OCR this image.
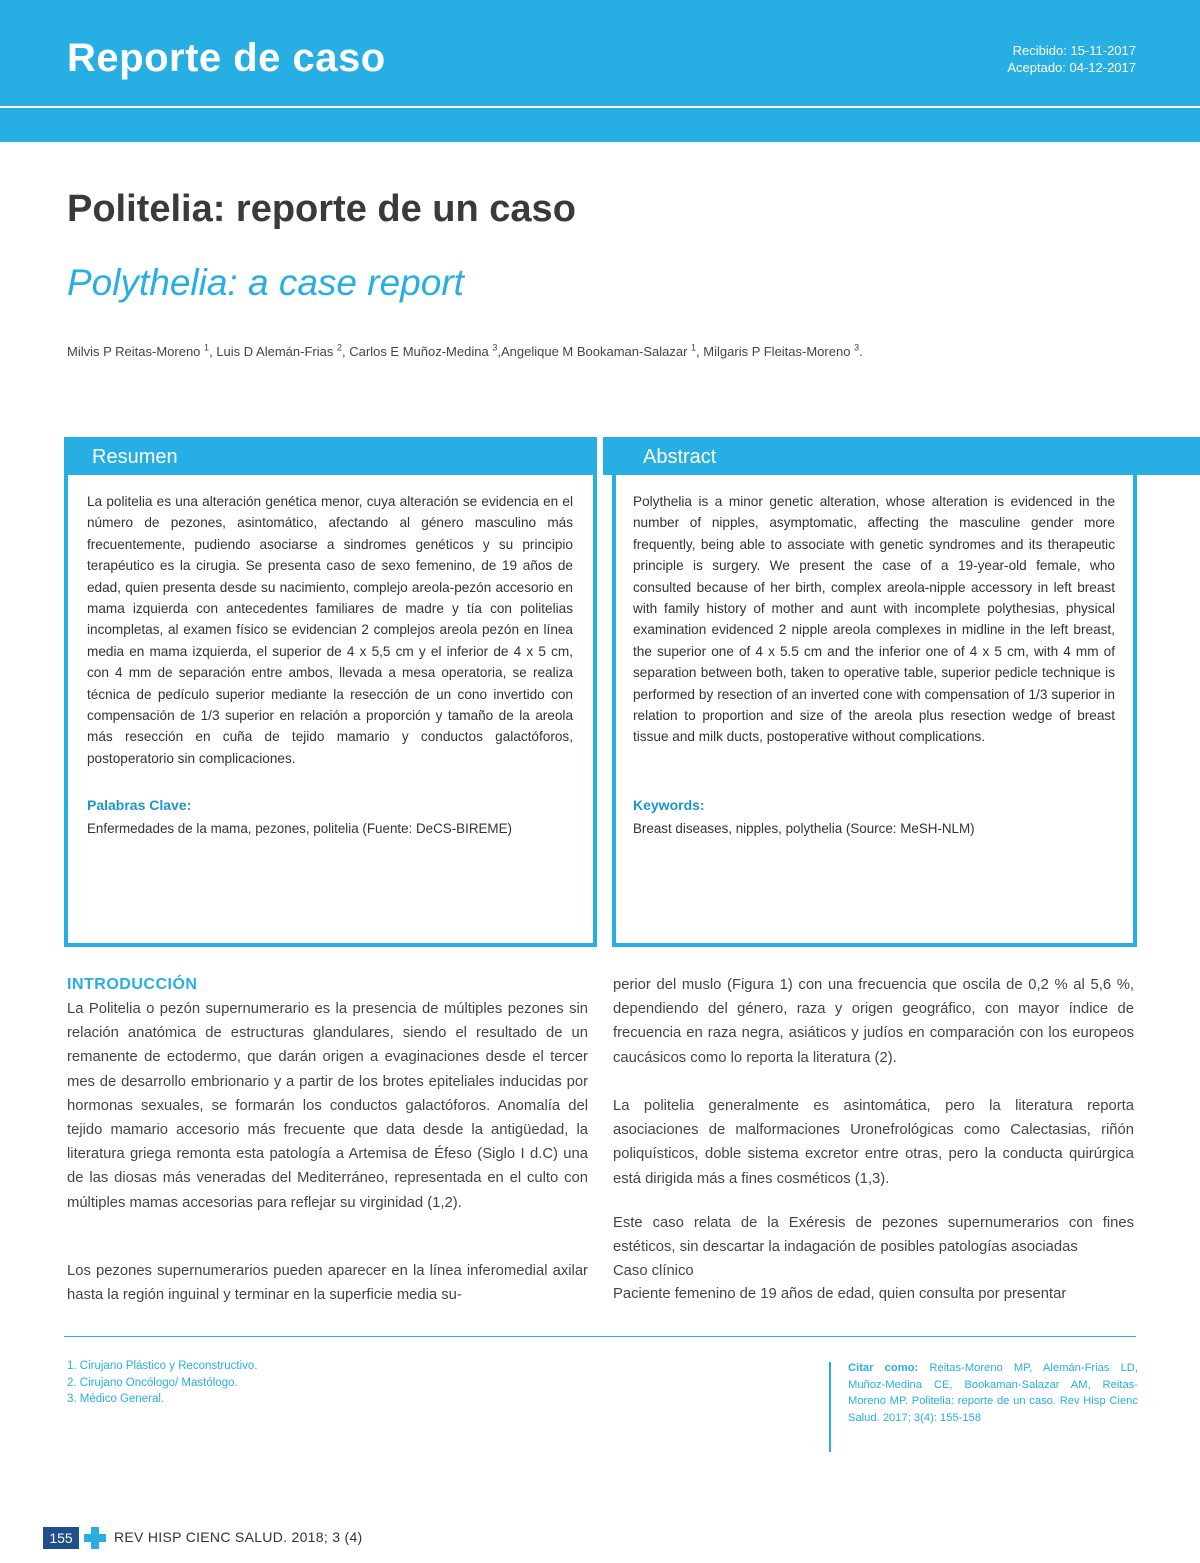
Reporte de caso	Recibido: 15-11-2017
Aceptado: 04-12-2017
Politelia: reporte de un caso
Polythelia: a case report
Milvis P Reitas-Moreno $^1$, Luis D Alemán-Frias $^2$, Carlos E Muñoz-Medina $^3$,Angelique M Bookaman-Salazar $^1$, Milgaris P Fleitas-Moreno $^3$.
Resumen

La politelia es una alteración genética menor, cuya alteración se evidencia en el número de pezones, asintomático, afectando al género masculino más frecuentemente, pudiendo asociarse a sindromes genéticos y su principio terapéutico es la cirugia. Se presenta caso de sexo femenino, de 19 años de edad, quien presenta desde su nacimiento, complejo areola-pezón accesorio en mama izquierda con antecedentes familiares de madre y tía con politelias incompletas, al examen físico se evidencian 2 complejos areola pezón en línea media en mama izquierda, el superior de 4 x 5,5 cm y el inferior de 4 x 5 cm, con 4 mm de separación entre ambos, llevada a mesa operatoria, se realiza técnica de pedículo superior mediante la resección de un cono invertido con compensación de 1/3 superior en relación a proporción y tamaño de la areola más resección en cuña de tejido mamario y conductos galactóforos, postoperatorio sin complicaciones.

Palabras Clave:

Enfermedades de la mama, pezones, politelia (Fuente: DeCS-BIREME)

Abstract

Polythelia is a minor genetic alteration, whose alteration is evidenced in the number of nipples, asymptomatic, affecting the masculine gender more frequently, being able to associate with genetic syndromes and its therapeutic principle is surgery. We present the case of a 19-year-old female, who consulted because of her birth, complex areola-nipple accessory in left breast with family history of mother and aunt with incomplete polythesias, physical examination evidenced 2 nipple areola complexes in midline in the left breast, the superior one of 4 x 5.5 cm and the inferior one of 4 x 5 cm, with 4 mm of separation between both, taken to operative table, superior pedicle technique is performed by resection of an inverted cone with compensation of 1/3 superior in relation to proportion and size of the areola plus resection wedge of breast tissue and milk ducts, postoperative without complications.

Keywords:

Breast diseases, nipples, polythelia (Source: MeSH-NLM)

INTRODUCCIÓN

La Politelia o pezón supernumerario es la presencia de múltiples pezones sin relación anatómica de estructuras glandulares, siendo el resultado de un remanente de ectodermo, que darán origen a evaginaciones desde el tercer mes de desarrollo embrionario y a partir de los brotes epiteliales inducidas por hormonas sexuales, se formarán los conductos galactóforos. Anomalía del tejido mamario accesorio más frecuente que data desde la antigüedad, la literatura griega remonta esta patología a Artemisa de Éfeso (Siglo I d.C) una de las diosas más veneradas del Mediterráneo, representada en el culto con múltiples mamas accesorias para reflejar su virginidad (1,2).

Los pezones supernumerarios pueden aparecer en la línea inferomedial axilar hasta la región inguinal y terminar en la superficie media su-

perior del muslo (Figura 1) con una frecuencia que oscila de 0,2 % al 5,6 %, dependiendo del género, raza y origen geográfico, con mayor índice de frecuencia en raza negra, asiáticos y judíos en comparación con los europeos caucásicos como lo reporta la literatura (2).

La politelia generalmente es asintomática, pero la literatura reporta asociaciones de malformaciones Uronefrológicas como Calectasias, riñón poliquísticos, doble sistema excretor entre otras, pero la conducta quirúrgica está dirigida más a fines cosméticos (1,3).

Este caso relata de la Exéresis de pezones supernumerarios con fines estéticos, sin descartar la indagación de posibles patologías asociadas

Caso clínico

Paciente femenino de 19 años de edad, quien consulta por presentar

1. Cirujano Plástico y Reconstructivo.
2. Cirujano Oncólogo/ Mastólogo.
3. Médico General.

Citar como: Reitas-Moreno MP, Alemán-Frias LD, Muñoz-Medina CE, Bookaman-Salazar AM, Reitas-Moreno MP. Politelia: reporte de un caso. Rev Hisp Cienc Salud. 2017; 3(4): 155-158

155	REV HISP CIENC SALUD. 2018; 3 (4)
